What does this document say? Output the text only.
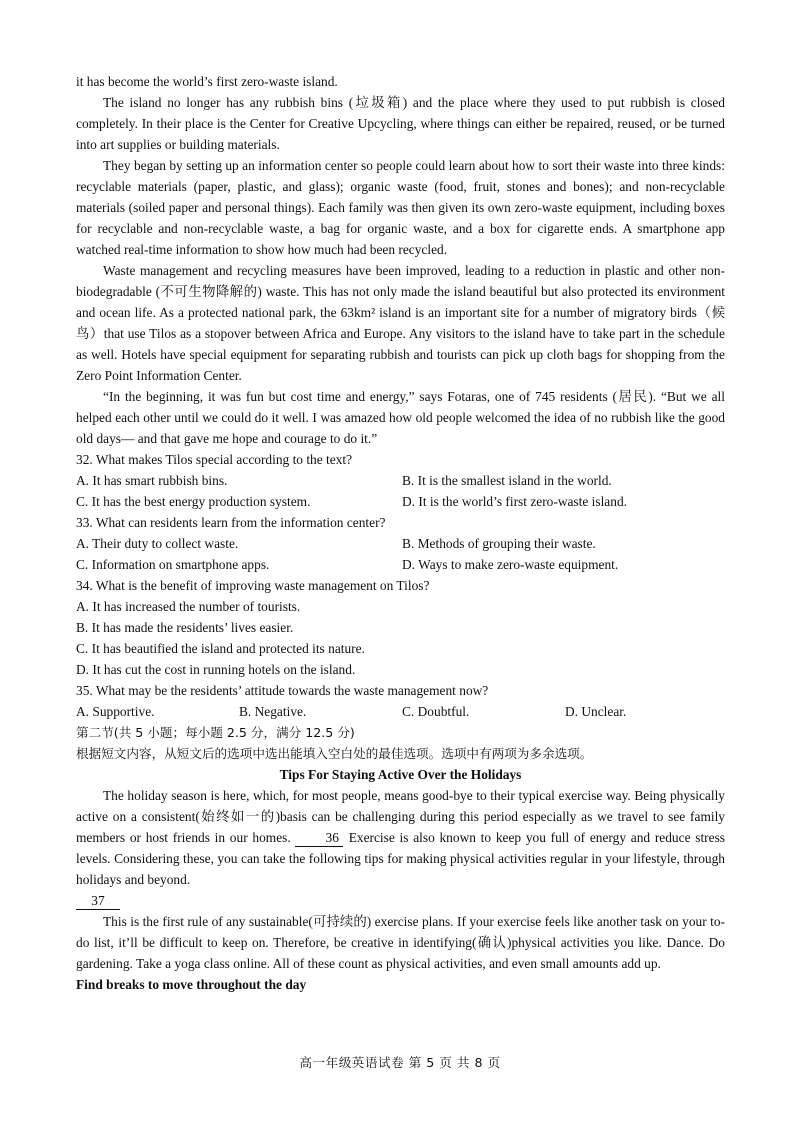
it has become the world’s first zero-waste island.

The island no longer has any rubbish bins (垃圾箱) and the place where they used to put rubbish is closed completely. In their place is the Center for Creative Upcycling, where things can either be repaired, reused, or be turned into art supplies or building materials.

They began by setting up an information center so people could learn about how to sort their waste into three kinds: recyclable materials (paper, plastic, and glass); organic waste (food, fruit, stones and bones); and non-recyclable materials (soiled paper and personal things). Each family was then given its own zero-waste equipment, including boxes for recyclable and non-recyclable waste, a bag for organic waste, and a box for cigarette ends. A smartphone app watched real-time information to show how much had been recycled.

Waste management and recycling measures have been improved, leading to a reduction in plastic and other non-biodegradable (不可生物降解的) waste. This has not only made the island beautiful but also protected its environment and ocean life. As a protected national park, the 63km² island is an important site for a number of migratory birds（候鸟）that use Tilos as a stopover between Africa and Europe. Any visitors to the island have to take part in the schedule as well. Hotels have special equipment for separating rubbish and tourists can pick up cloth bags for shopping from the Zero Point Information Center.

“In the beginning, it was fun but cost time and energy,” says Fotaras, one of 745 residents (居民). “But we all helped each other until we could do it well. I was amazed how old people welcomed the idea of no rubbish like the good old days— and that gave me hope and courage to do it.”

32. What makes Tilos special according to the text?
A. It has smart rubbish bins.	B. It is the smallest island in the world.
C. It has the best energy production system.	D. It is the world’s first zero-waste island.
33. What can residents learn from the information center?
A. Their duty to collect waste.	B. Methods of grouping their waste.
C. Information on smartphone apps.	D. Ways to make zero-waste equipment.
34. What is the benefit of improving waste management on Tilos?
A. It has increased the number of tourists.
B. It has made the residents’ lives easier.
C. It has beautified the island and protected its nature.
D. It has cut the cost in running hotels on the island.
35. What may be the residents’ attitude towards the waste management now?
A. Supportive.	B. Negative.	C. Doubtful.	D. Unclear.
第二节(共 5 小题；每小题 2.5 分，满分 12.5 分)
根据短文内容，从短文后的选项中选出能填入空白处的最佳选项。选项中有两项为多余选项。
Tips For Staying Active Over the Holidays

The holiday season is here, which, for most people, means good-bye to their typical exercise way. Being physically active on a consistent(始终如一的)basis can be challenging during this period especially as we travel to see family members or host friends in our homes.	36 Exercise is also known to keep you full of energy and reduce stress levels. Considering these, you can take the following tips for making physical activities regular in your lifestyle, through holidays and beyond.

37

This is the first rule of any sustainable(可持续的) exercise plans. If your exercise feels like another task on your to-do list, it’ll be difficult to keep on. Therefore, be creative in identifying(确认)physical activities you like. Dance. Do gardening. Take a yoga class online. All of these count as physical activities, and even small amounts add up.

Find breaks to move throughout the day
高一年级英语试卷 第 5 页 共 8 页
